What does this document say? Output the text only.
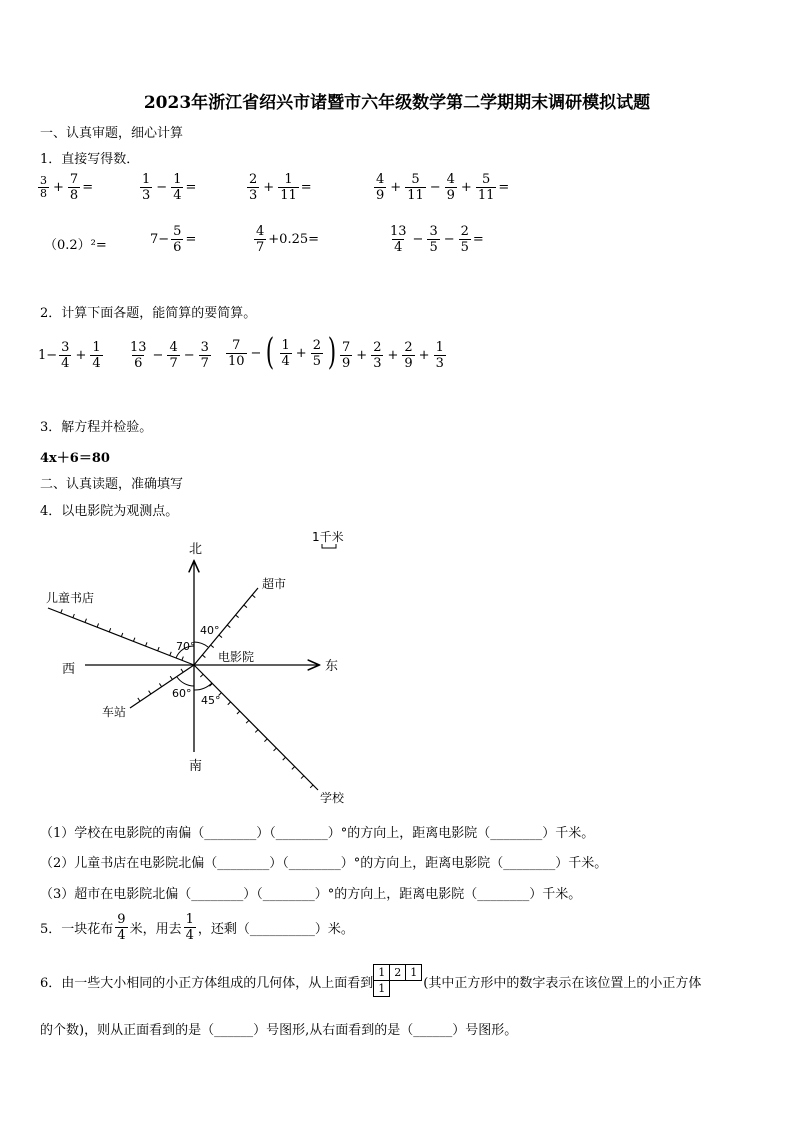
2023年浙江省绍兴市诸暨市六年级数学第二学期期末调研模拟试题
一、认真审题，细心计算
1．直接写得数．
$\frac{3}{8} + \frac{7}{8}$ =	$\frac{1}{3} - \frac{1}{4}$ =	$\frac{2}{3} + \frac{1}{11}$ =	$\frac{4}{9} + \frac{5}{11} - \frac{4}{9} + \frac{5}{11}$ =
（0.2）²=	$7- \frac{5}{6}$ =	$\frac{4}{7} +0.25=$	$\frac{13}{4} - \frac{3}{5} - \frac{2}{5}$ =
2．计算下面各题，能简算的要简算。
$1- \frac{3}{4} + \frac{1}{4} \frac{13}{6} - \frac{4}{7} - \frac{3}{7} \frac{7}{10}$ − ( $\frac{1}{4} + \frac{2}{5}$ ) $\frac{7}{9} + \frac{2}{3} + \frac{2}{9} + \frac{1}{3}$
3．解方程并检验。
4x＋6＝80
二、认真读题，准确填写
4．以电影院为观测点。
北
南
东
西
电影院
儿童书店
超市
车站
学校
40°
70°
60°
45°
1千米
（1）学校在电影院的南偏（________）（________）°的方向上，距离电影院（________）千米。
（2）儿童书店在电影院北偏（________）（________）°的方向上，距离电影院（________）千米。
（3）超市在电影院北偏（________）（________）°的方向上，距离电影院（________）千米。
5．一块花布 $\frac{9}{4}$ 米，用去 $\frac{1}{4}$ ，还剩（__________）米。
6．由一些大小相同的小正方体组成的几何体，从上面看到
1 2 1
1	(其中正方形中的数字表示在该位置上的小正方体
的个数)，则从正面看到的是（______）号图形,从右面看到的是（______）号图形。
